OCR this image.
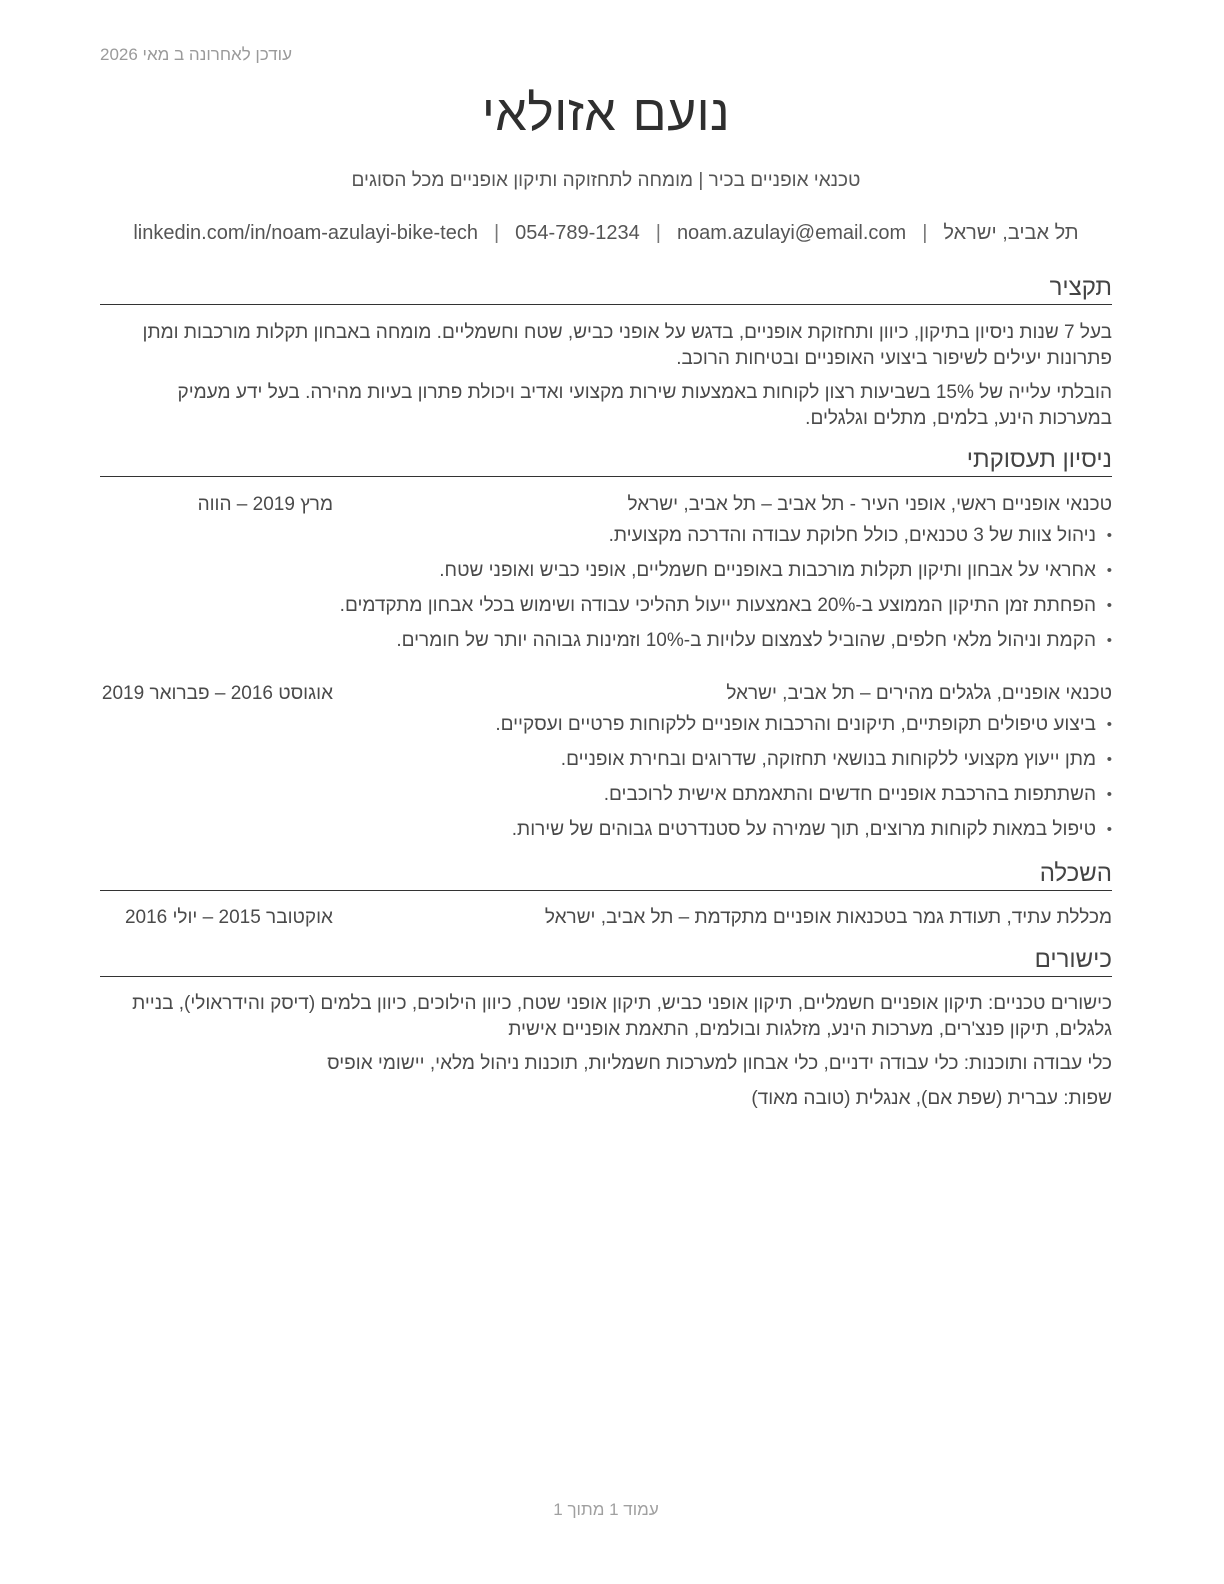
עודכן לאחרונה ב מאי 2026
נועם אזולאי
טכנאי אופניים בכיר | מומחה לתחזוקה ותיקון אופניים מכל הסוגים
תל אביב, ישראל|noam.azulayi@email.com|054-789-1234|linkedin.com/in/noam-azulayi-bike-tech
תקציר
בעל 7 שנות ניסיון בתיקון, כיוון ותחזוקת אופניים, בדגש על אופני כביש, שטח וחשמליים. מומחה באבחון תקלות מורכבות ומתן פתרונות יעילים לשיפור ביצועי האופניים ובטיחות הרוכב.
הובלתי עלייה של 15% בשביעות רצון לקוחות באמצעות שירות מקצועי ואדיב ויכולת פתרון בעיות מהירה. בעל ידע מעמיק במערכות הינע, בלמים, מתלים וגלגלים.
ניסיון תעסוקתי
טכנאי אופניים ראשי, אופני העיר - תל אביב – תל אביב, ישראל
מרץ 2019 – הווה
• ניהול צוות של 3 טכנאים, כולל חלוקת עבודה והדרכה מקצועית.
• אחראי על אבחון ותיקון תקלות מורכבות באופניים חשמליים, אופני כביש ואופני שטח.
• הפחתת זמן התיקון הממוצע ב-20% באמצעות ייעול תהליכי עבודה ושימוש בכלי אבחון מתקדמים.
• הקמת וניהול מלאי חלפים, שהוביל לצמצום עלויות ב-10% וזמינות גבוהה יותר של חומרים.
טכנאי אופניים, גלגלים מהירים – תל אביב, ישראל
אוגוסט 2016 – פברואר 2019
• ביצוע טיפולים תקופתיים, תיקונים והרכבות אופניים ללקוחות פרטיים ועסקיים.
• מתן ייעוץ מקצועי ללקוחות בנושאי תחזוקה, שדרוגים ובחירת אופניים.
• השתתפות בהרכבת אופניים חדשים והתאמתם אישית לרוכבים.
• טיפול במאות לקוחות מרוצים, תוך שמירה על סטנדרטים גבוהים של שירות.
השכלה
מכללת עתיד, תעודת גמר בטכנאות אופניים מתקדמת – תל אביב, ישראל
אוקטובר 2015 – יולי 2016
כישורים
כישורים טכניים: תיקון אופניים חשמליים, תיקון אופני כביש, תיקון אופני שטח, כיוון הילוכים, כיוון בלמים (דיסק והידראולי), בניית גלגלים, תיקון פנצ'רים, מערכות הינע, מזלגות ובולמים, התאמת אופניים אישית
כלי עבודה ותוכנות: כלי עבודה ידניים, כלי אבחון למערכות חשמליות, תוכנות ניהול מלאי, יישומי אופיס
שפות: עברית (שפת אם), אנגלית (טובה מאוד)
עמוד 1 מתוך 1
